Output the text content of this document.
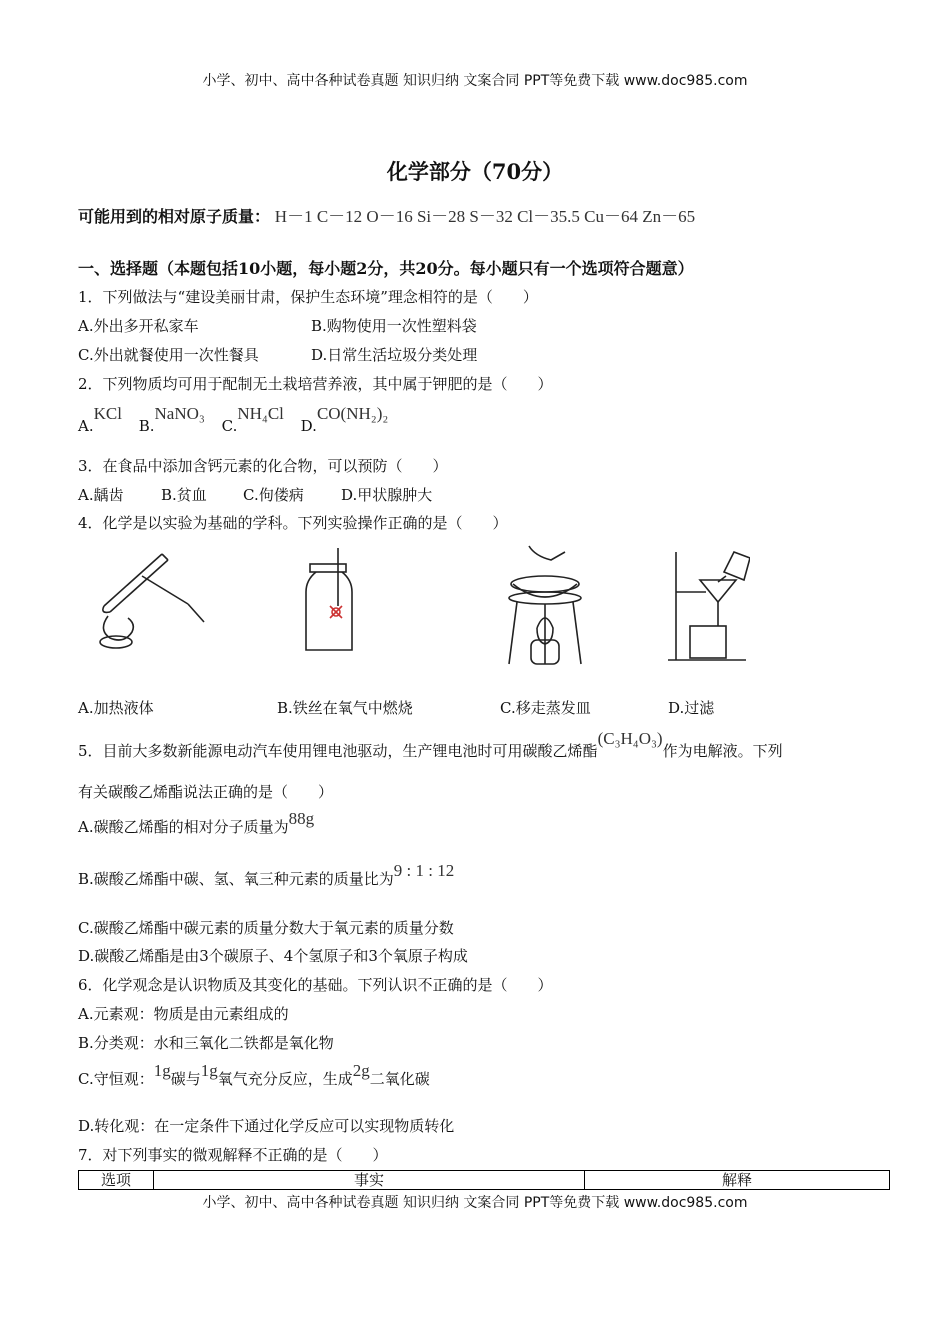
小学、初中、高中各种试卷真题 知识归纳 文案合同 PPT等免费下载 www.doc985.com
化学部分（70分）
可能用到的相对原子质量： H－1 C－12 O－16 Si－28 S－32 Cl－35.5 Cu－64 Zn－65
一、选择题（本题包括10小题，每小题2分，共20分。每小题只有一个选项符合题意）
1．下列做法与“建设美丽甘肃，保护生态环境”理念相符的是（　　）
A.外出多开私家车	B.购物使用一次性塑料袋
C.外出就餐使用一次性餐具	D.日常生活垃圾分类处理
2．下列物质均可用于配制无土栽培营养液，其中属于钾肥的是（　　）
A.KCl B.NaNO₃ C.NH₄Cl D.CO(NH₂)₂
3．在食品中添加含钙元素的化合物，可以预防（　　）
A.龋齿 B.贫血 C.佝偻病 D.甲状腺肿大
4．化学是以实验为基础的学科。下列实验操作正确的是（　　）
A.加热液体	B.铁丝在氧气中燃烧	C.移走蒸发皿	D.过滤
5．目前大多数新能源电动汽车使用锂电池驱动，生产锂电池时可用碳酸乙烯酯(C₃H₄O₃)作为电解液。下列
有关碳酸乙烯酯说法正确的是（　　）
A.碳酸乙烯酯的相对分子质量为88g
B.碳酸乙烯酯中碳、氢、氧三种元素的质量比为9 : 1 : 12
C.碳酸乙烯酯中碳元素的质量分数大于氧元素的质量分数
D.碳酸乙烯酯是由3个碳原子、4个氢原子和3个氧原子构成
6．化学观念是认识物质及其变化的基础。下列认识不正确的是（　　）
A.元素观：物质是由元素组成的
B.分类观：水和三氧化二铁都是氧化物
C.守恒观：1g碳与1g氧气充分反应，生成2g二氧化碳
D.转化观：在一定条件下通过化学反应可以实现物质转化
7．对下列事实的微观解释不正确的是（　　）
选项	事实	解释
小学、初中、高中各种试卷真题 知识归纳 文案合同 PPT等免费下载 www.doc985.com
